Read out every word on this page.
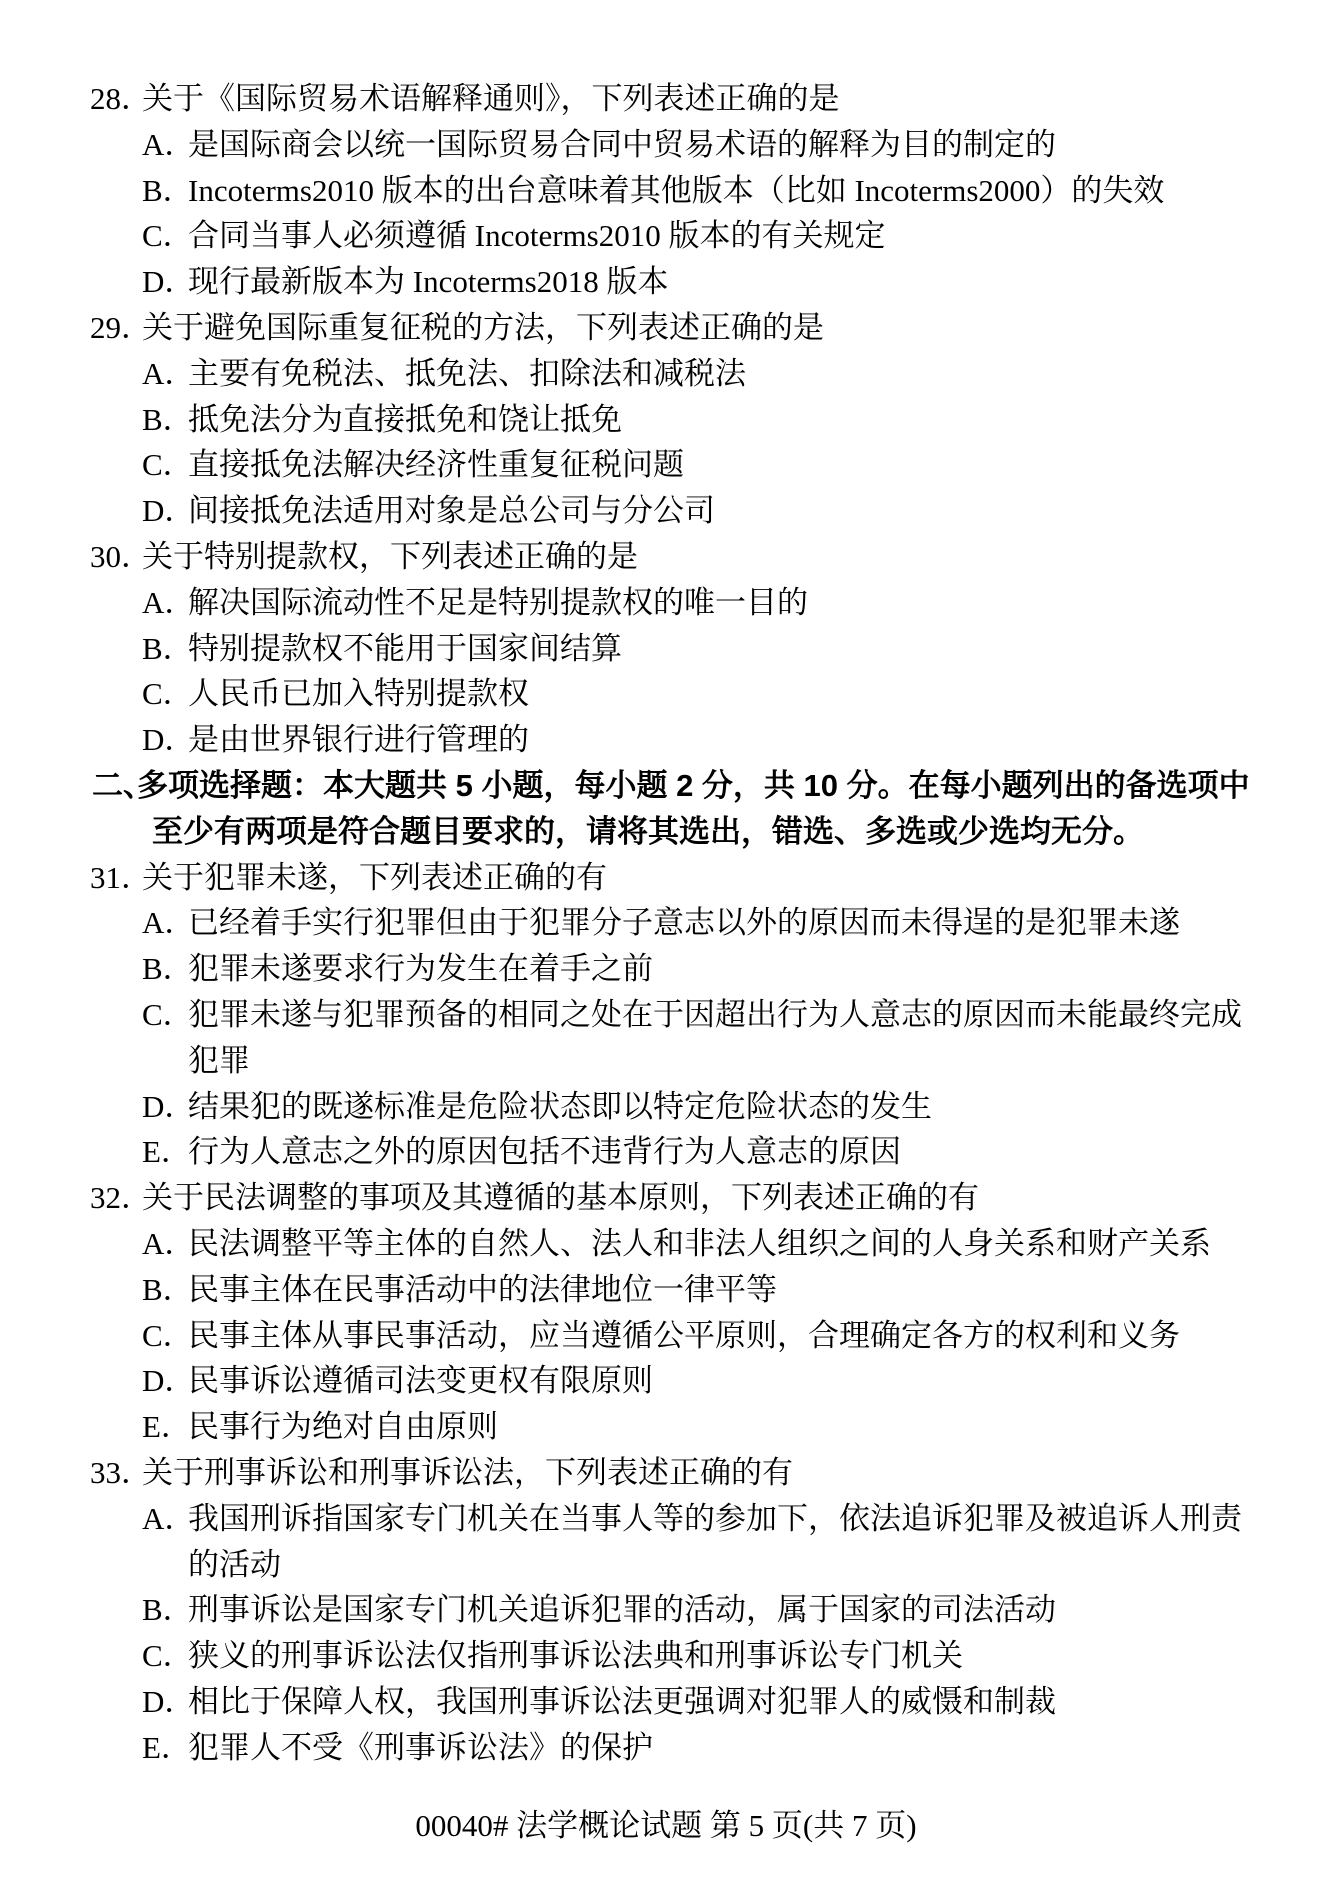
28．关于《国际贸易术语解释通则》，下列表述正确的是
A．是国际商会以统一国际贸易合同中贸易术语的解释为目的制定的
B．Incoterms2010 版本的出台意味着其他版本（比如 Incoterms2000）的失效
C．合同当事人必须遵循 Incoterms2010 版本的有关规定
D．现行最新版本为 Incoterms2018 版本
29．关于避免国际重复征税的方法，下列表述正确的是
A．主要有免税法、抵免法、扣除法和减税法
B．抵免法分为直接抵免和饶让抵免
C．直接抵免法解决经济性重复征税问题
D．间接抵免法适用对象是总公司与分公司
30．关于特别提款权，下列表述正确的是
A．解决国际流动性不足是特别提款权的唯一目的
B．特别提款权不能用于国家间结算
C．人民币已加入特别提款权
D．是由世界银行进行管理的
二、多项选择题：本大题共 5 小题，每小题 2 分，共 10 分。在每小题列出的备选项中
至少有两项是符合题目要求的，请将其选出，错选、多选或少选均无分。
31．关于犯罪未遂，下列表述正确的有
A．已经着手实行犯罪但由于犯罪分子意志以外的原因而未得逞的是犯罪未遂
B．犯罪未遂要求行为发生在着手之前
C．犯罪未遂与犯罪预备的相同之处在于因超出行为人意志的原因而未能最终完成
犯罪
D．结果犯的既遂标准是危险状态即以特定危险状态的发生
E．行为人意志之外的原因包括不违背行为人意志的原因
32．关于民法调整的事项及其遵循的基本原则，下列表述正确的有
A．民法调整平等主体的自然人、法人和非法人组织之间的人身关系和财产关系
B．民事主体在民事活动中的法律地位一律平等
C．民事主体从事民事活动，应当遵循公平原则，合理确定各方的权利和义务
D．民事诉讼遵循司法变更权有限原则
E．民事行为绝对自由原则
33．关于刑事诉讼和刑事诉讼法，下列表述正确的有
A．我国刑诉指国家专门机关在当事人等的参加下，依法追诉犯罪及被追诉人刑责
的活动
B．刑事诉讼是国家专门机关追诉犯罪的活动，属于国家的司法活动
C．狭义的刑事诉讼法仅指刑事诉讼法典和刑事诉讼专门机关
D．相比于保障人权，我国刑事诉讼法更强调对犯罪人的威慑和制裁
E．犯罪人不受《刑事诉讼法》的保护
00040# 法学概论试题 第 5 页(共 7 页)
